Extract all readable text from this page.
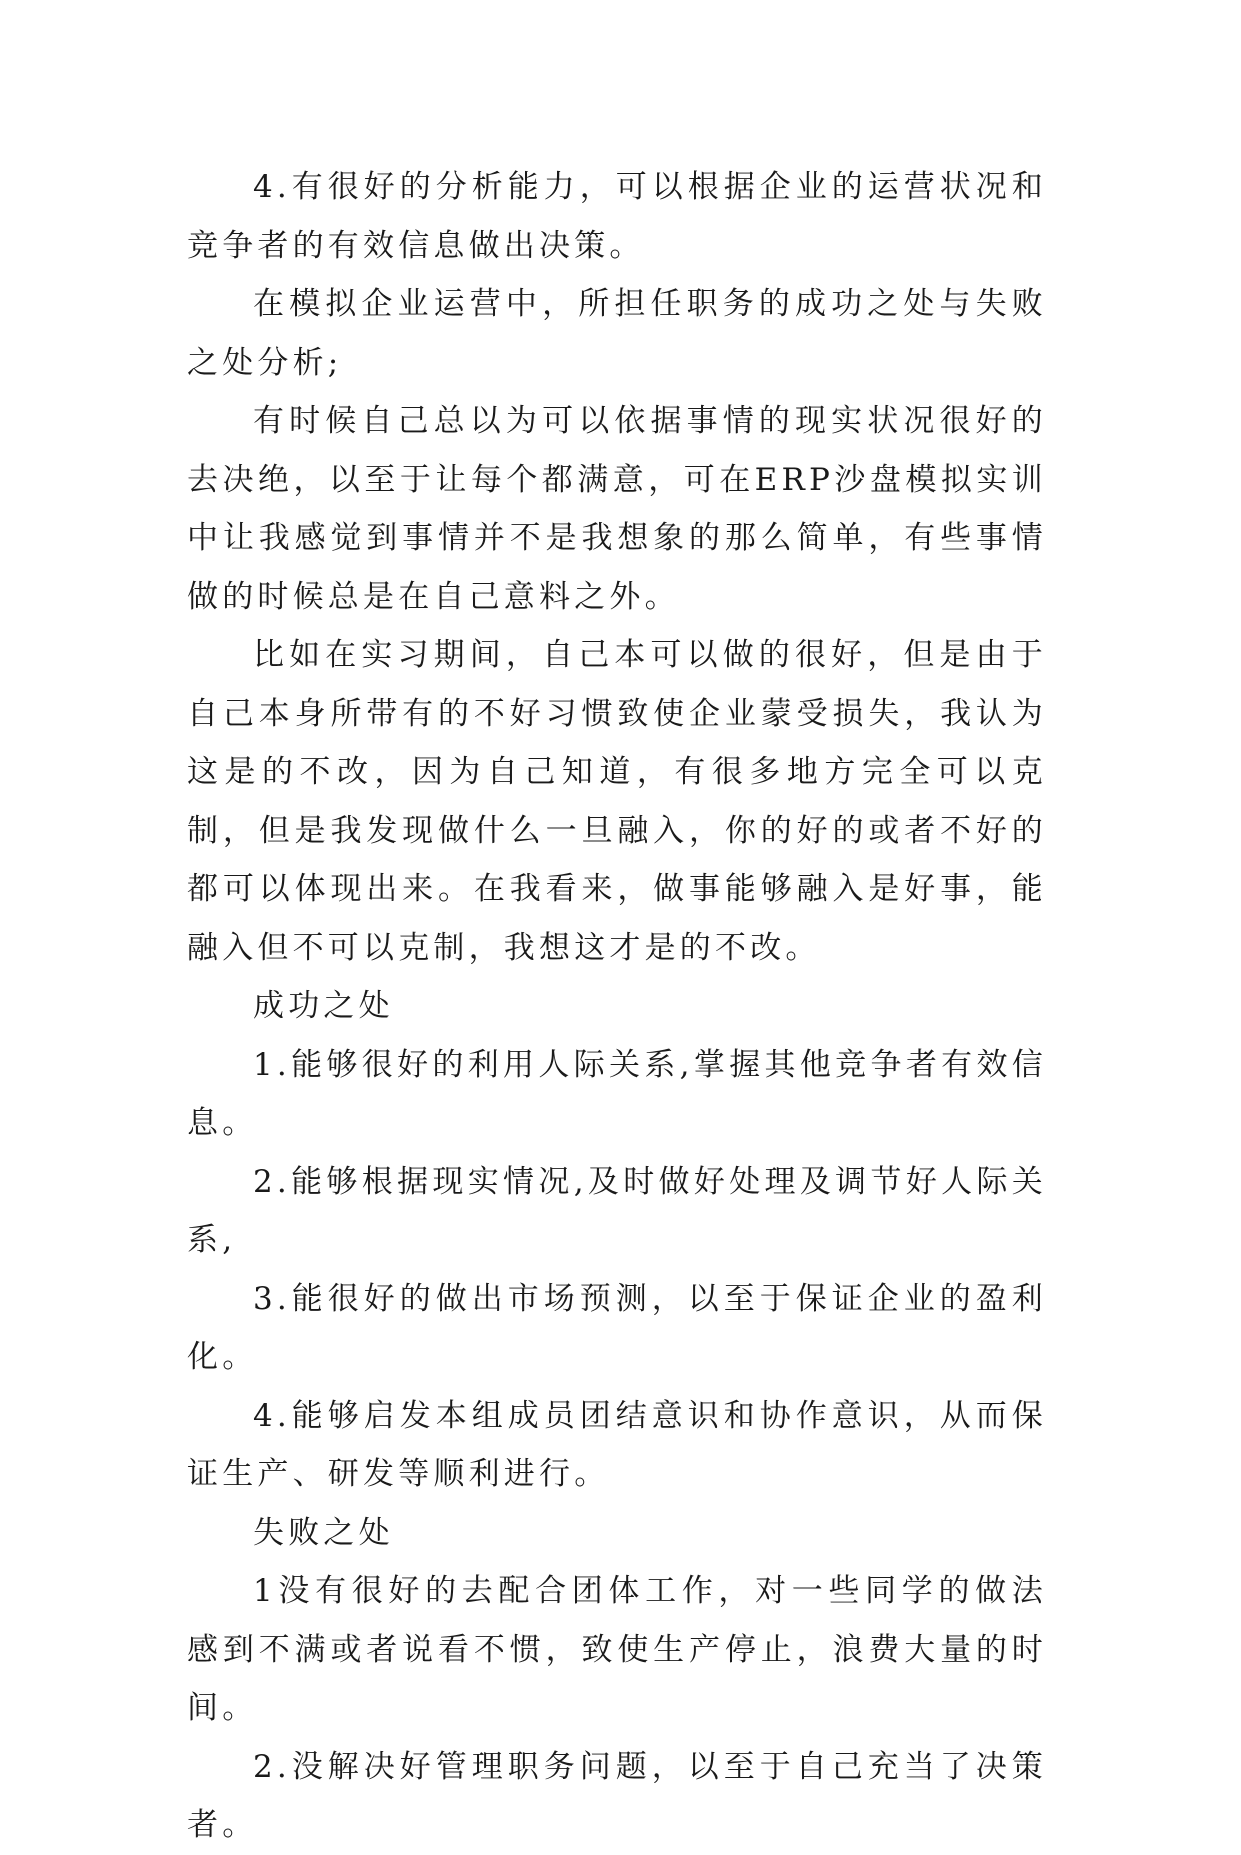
4.有很好的分析能力，可以根据企业的运营状况和竞争者的有效信息做出决策。

在模拟企业运营中，所担任职务的成功之处与失败之处分析;

有时候自己总以为可以依据事情的现实状况很好的去决绝，以至于让每个都满意，可在ERP沙盘模拟实训中让我感觉到事情并不是我想象的那么简单，有些事情做的时候总是在自己意料之外。

比如在实习期间，自己本可以做的很好，但是由于自己本身所带有的不好习惯致使企业蒙受损失，我认为这是的不改，因为自己知道，有很多地方完全可以克制，但是我发现做什么一旦融入，你的好的或者不好的都可以体现出来。在我看来，做事能够融入是好事，能融入但不可以克制，我想这才是的不改。

成功之处

1.能够很好的利用人际关系,掌握其他竞争者有效信息。

2.能够根据现实情况,及时做好处理及调节好人际关系,

3.能很好的做出市场预测，以至于保证企业的盈利化。

4.能够启发本组成员团结意识和协作意识，从而保证生产、研发等顺利进行。

失败之处

1没有很好的去配合团体工作，对一些同学的做法感到不满或者说看不惯，致使生产停止，浪费大量的时间。

2.没解决好管理职务问题，以至于自己充当了决策者。
